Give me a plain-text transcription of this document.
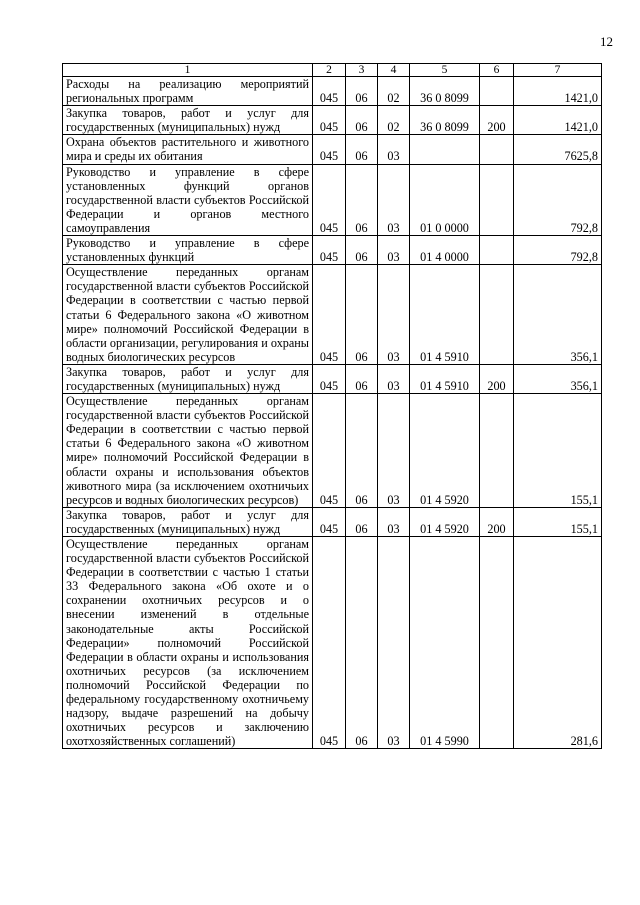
12
1	2	3	4	5	6	7
Расходы на реализацию мероприятий региональных программ	045	06	02	36 0 8099		1421,0
Закупка товаров, работ и услуг для государственных (муниципальных) нужд	045	06	02	36 0 8099	200	1421,0
Охрана объектов растительного и животного мира и среды их обитания	045	06	03			7625,8
Руководство и управление в сфере установленных функций органов государственной власти субъектов Российской Федерации и органов местного самоуправления	045	06	03	01 0 0000		792,8
Руководство и управление в сфере установленных функций	045	06	03	01 4 0000		792,8
Осуществление переданных органам государственной власти субъектов Российской Федерации в соответствии с частью первой статьи 6 Федерального закона «О животном мире» полномочий Российской Федерации в области организации, регулирования и охраны водных биологических ресурсов	045	06	03	01 4 5910		356,1
Закупка товаров, работ и услуг для государственных (муниципальных) нужд	045	06	03	01 4 5910	200	356,1
Осуществление переданных органам государственной власти субъектов Российской Федерации в соответствии с частью первой статьи 6 Федерального закона «О животном мире» полномочий Российской Федерации в области охраны и использования объектов животного мира (за исключением охотничьих ресурсов и водных биологических ресурсов)	045	06	03	01 4 5920		155,1
Закупка товаров, работ и услуг для государственных (муниципальных) нужд	045	06	03	01 4 5920	200	155,1
Осуществление переданных органам государственной власти субъектов Российской Федерации в соответствии с частью 1 статьи 33 Федерального закона «Об охоте и о сохранении охотничьих ресурсов и о внесении изменений в отдельные законодательные акты Российской Федерации» полномочий Российской Федерации в области охраны и использования охотничьих ресурсов (за исключением полномочий Российской Федерации по федеральному государственному охотничьему надзору, выдаче разрешений на добычу охотничьих ресурсов и заключению охотхозяйственных соглашений)	045	06	03	01 4 5990		281,6
